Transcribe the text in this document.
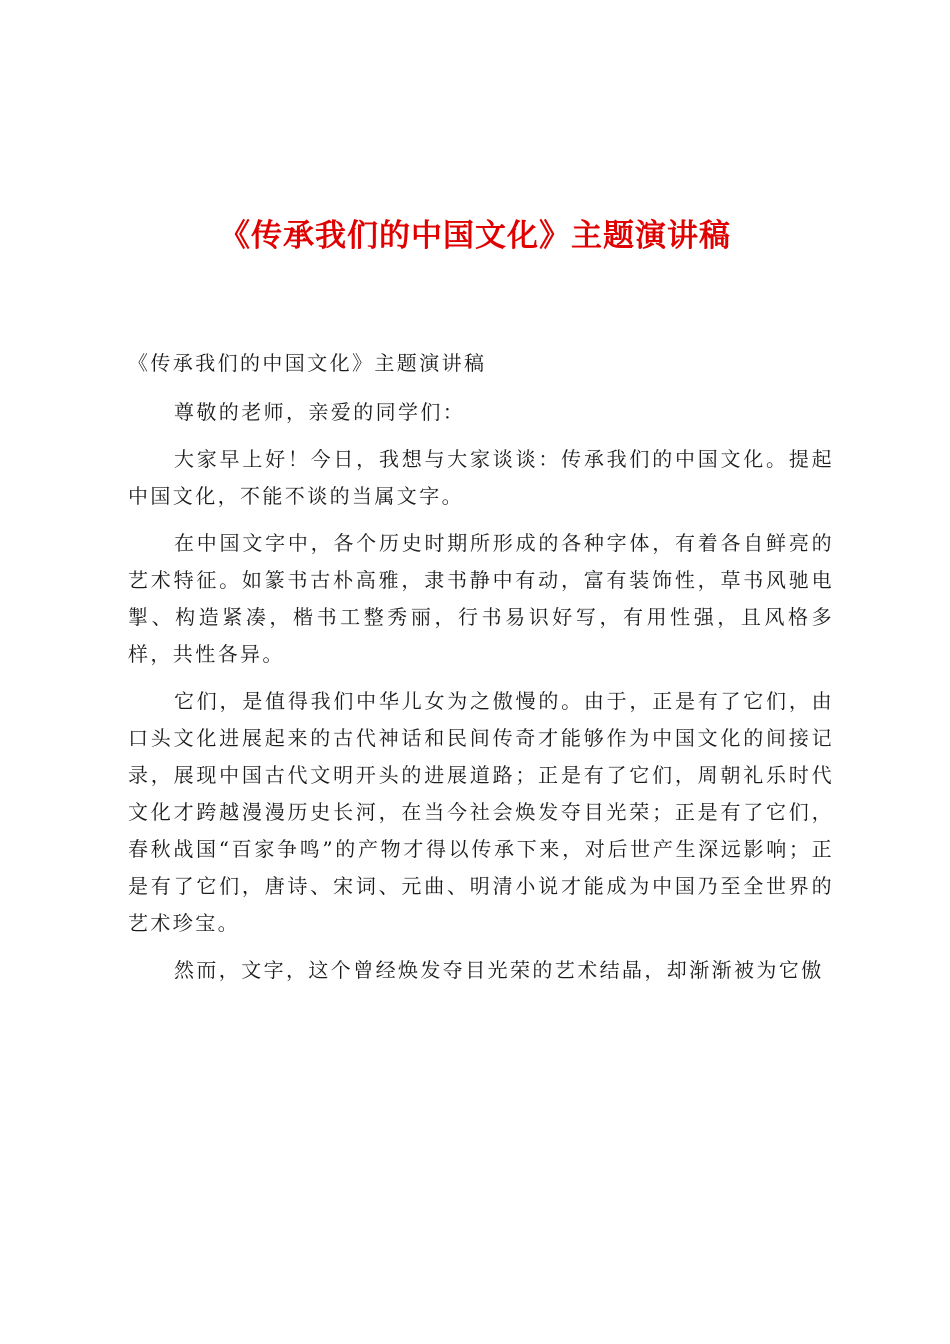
《传承我们的中国文化》主题演讲稿

《传承我们的中国文化》主题演讲稿

尊敬的老师，亲爱的同学们：

大家早上好！今日，我想与大家谈谈：传承我们的中国文化。提起中国文化，不能不谈的当属文字。

在中国文字中，各个历史时期所形成的各种字体，有着各自鲜亮的艺术特征。如篆书古朴高雅，隶书静中有动，富有装饰性，草书风驰电掣、构造紧凑，楷书工整秀丽，行书易识好写，有用性强，且风格多样，共性各异。

它们，是值得我们中华儿女为之傲慢的。由于，正是有了它们，由口头文化进展起来的古代神话和民间传奇才能够作为中国文化的间接记录，展现中国古代文明开头的进展道路；正是有了它们，周朝礼乐时代文化才跨越漫漫历史长河，在当今社会焕发夺目光荣；正是有了它们，春秋战国“百家争鸣”的产物才得以传承下来，对后世产生深远影响；正是有了它们，唐诗、宋词、元曲、明清小说才能成为中国乃至全世界的艺术珍宝。

然而，文字，这个曾经焕发夺目光荣的艺术结晶，却渐渐被为它傲
